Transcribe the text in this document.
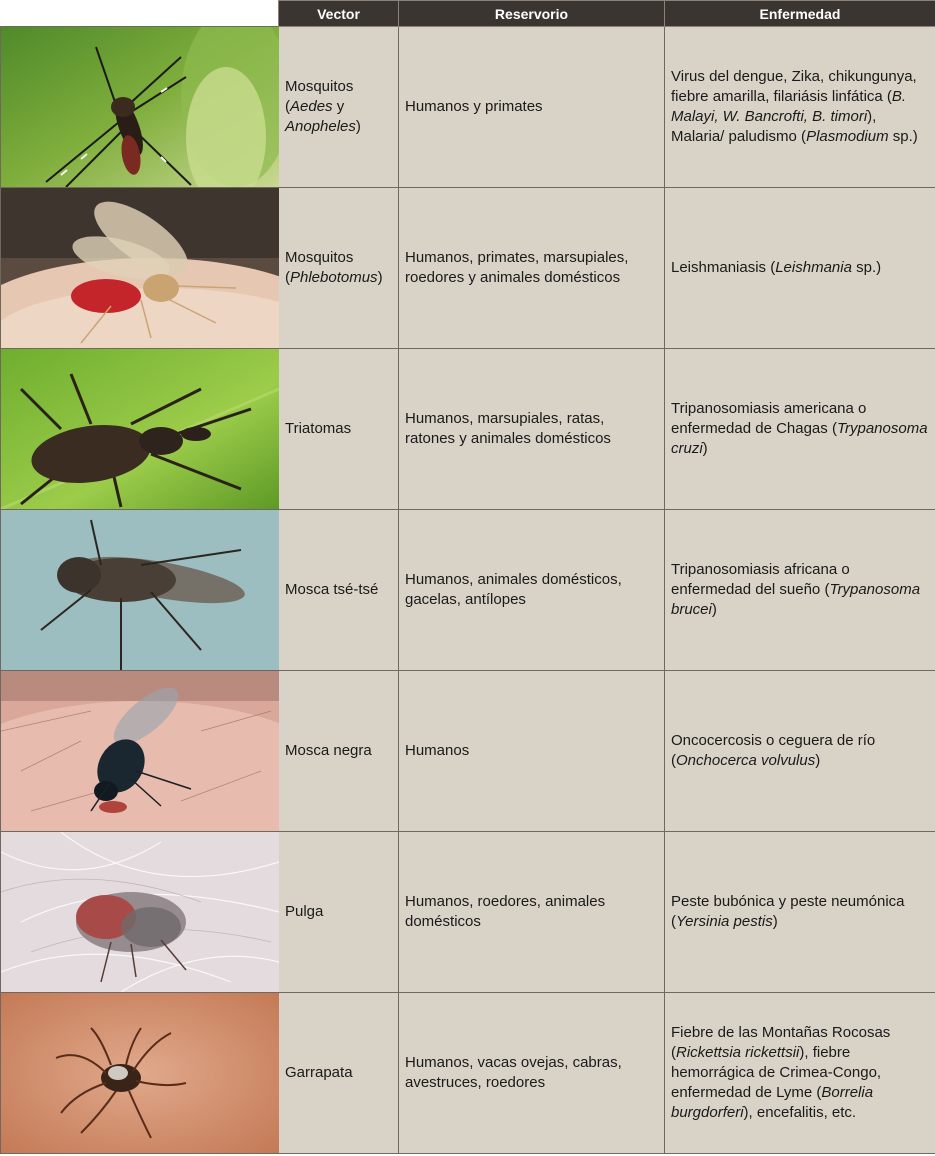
	Vector	Reservorio	Enfermedad

	Mosquitos
(Aedes y
Anopheles)	Humanos y primates	Virus del dengue, Zika, chikungunya, fiebre amarilla, filariásis linfática (B. Malayi, W. Bancrofti, B. timori), Malaria/ paludismo (Plasmodium sp.)

	Mosquitos
(Phlebotomus)	Humanos, primates, marsupiales, roedores y animales domésticos	Leishmaniasis (Leishmania sp.)

	Triatomas	Humanos, marsupiales, ratas, ratones y animales domésticos	Tripanosomiasis americana o enfermedad de Chagas (Trypanosoma cruzi)

	Mosca tsé-tsé	Humanos, animales domésticos, gacelas, antílopes	Tripanosomiasis africana o enfermedad del sueño (Trypanosoma brucei)

	Mosca negra	Humanos	Oncocercosis o ceguera de río (Onchocerca volvulus)

	Pulga	Humanos, roedores, animales domésticos	Peste bubónica y peste neumónica (Yersinia pestis)

	Garrapata	Humanos, vacas ovejas, cabras, avestruces, roedores	Fiebre de las Montañas Rocosas (Rickettsia rickettsii), fiebre hemorrágica de Crimea-Congo, enfermedad de Lyme (Borrelia burgdorferi), encefalitis, etc.
